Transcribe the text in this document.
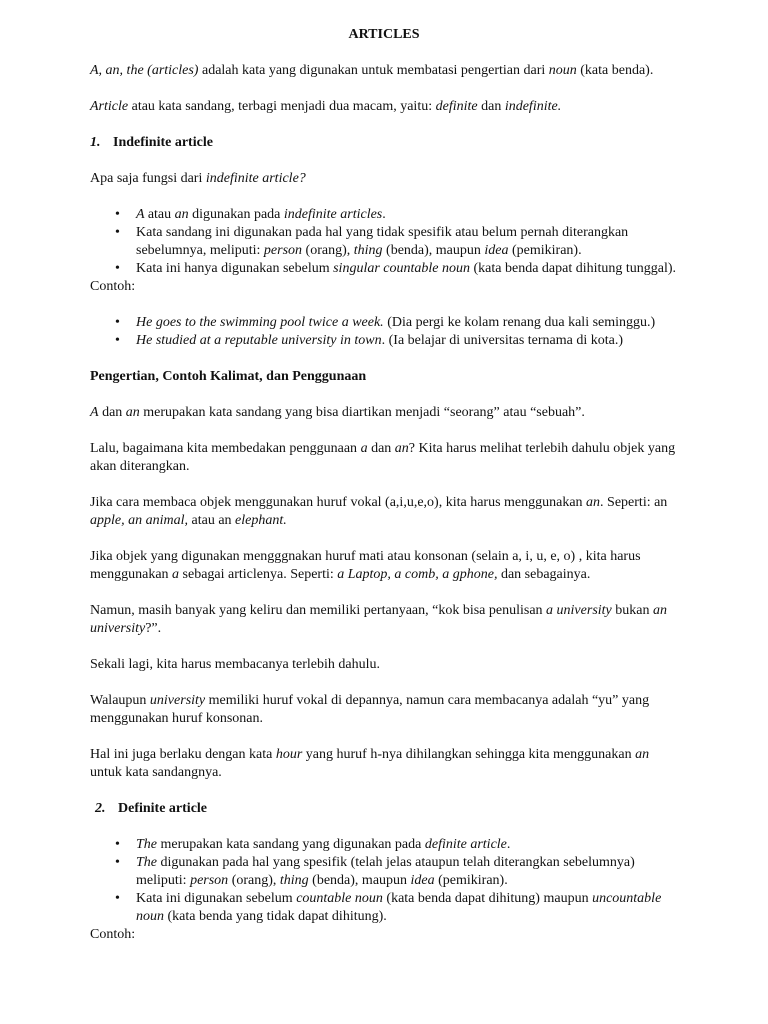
ARTICLES

A, an, the (articles) adalah kata yang digunakan untuk membatasi pengertian dari noun (kata benda).

Article atau kata sandang, terbagi menjadi dua macam, yaitu: definite dan indefinite.

1. Indefinite article

Apa saja fungsi dari indefinite article?

• A atau an digunakan pada indefinite articles.
• Kata sandang ini digunakan pada hal yang tidak spesifik atau belum pernah diterangkan sebelumnya, meliputi: person (orang), thing (benda), maupun idea (pemikiran).
• Kata ini hanya digunakan sebelum singular countable noun (kata benda dapat dihitung tunggal).

Contoh:

• He goes to the swimming pool twice a week. (Dia pergi ke kolam renang dua kali seminggu.)
• He studied at a reputable university in town. (Ia belajar di universitas ternama di kota.)

Pengertian, Contoh Kalimat, dan Penggunaan

A dan an merupakan kata sandang yang bisa diartikan menjadi “seorang” atau “sebuah”.

Lalu, bagaimana kita membedakan penggunaan a dan an? Kita harus melihat terlebih dahulu objek yang akan diterangkan.

Jika cara membaca objek menggunakan huruf vokal (a,i,u,e,o), kita harus menggunakan an. Seperti: an apple, an animal, atau an elephant.

Jika objek yang digunakan mengggnakan huruf mati atau konsonan (selain a, i, u, e, o) , kita harus menggunakan a sebagai articlenya. Seperti: a Laptop, a comb, a gphone, dan sebagainya.

Namun, masih banyak yang keliru dan memiliki pertanyaan, “kok bisa penulisan a university bukan an university?”.

Sekali lagi, kita harus membacanya terlebih dahulu.

Walaupun university memiliki huruf vokal di depannya, namun cara membacanya adalah “yu” yang menggunakan huruf konsonan.

Hal ini juga berlaku dengan kata hour yang huruf h-nya dihilangkan sehingga kita menggunakan an untuk kata sandangnya.

2. Definite article

• The merupakan kata sandang yang digunakan pada definite article.
• The digunakan pada hal yang spesifik (telah jelas ataupun telah diterangkan sebelumnya) meliputi: person (orang), thing (benda), maupun idea (pemikiran).
• Kata ini digunakan sebelum countable noun (kata benda dapat dihitung) maupun uncountable noun (kata benda yang tidak dapat dihitung).

Contoh:
